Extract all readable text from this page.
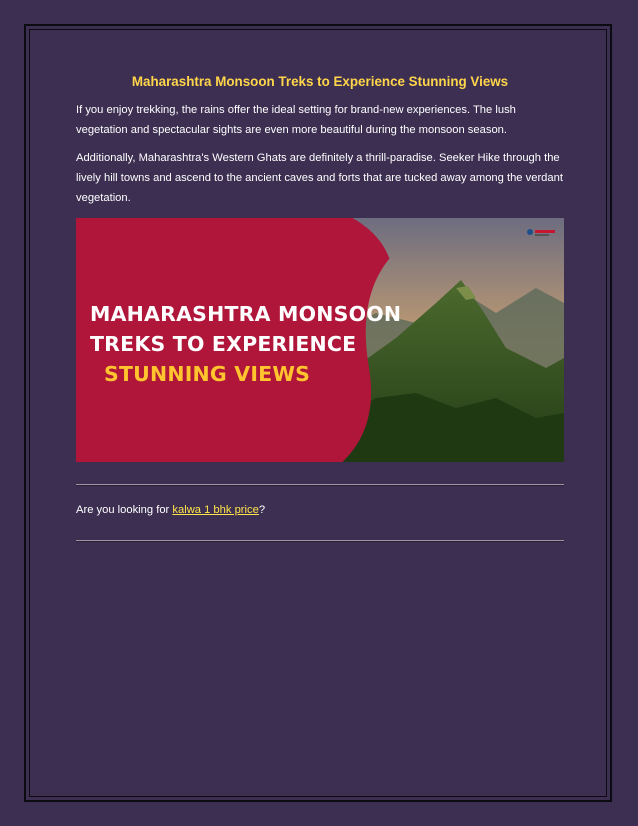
Maharashtra Monsoon Treks to Experience Stunning Views

If you enjoy trekking, the rains offer the ideal setting for brand-new experiences. The lush vegetation and spectacular sights are even more beautiful during the monsoon season.

Additionally, Maharashtra's Western Ghats are definitely a thrill-paradise. Seeker Hike through the lively hill towns and ascend to the ancient caves and forts that are tucked away among the verdant vegetation.

MAHARASHTRA MONSOON
TREKS TO EXPERIENCE
STUNNING VIEWS

Are you looking for kalwa 1 bhk price?
